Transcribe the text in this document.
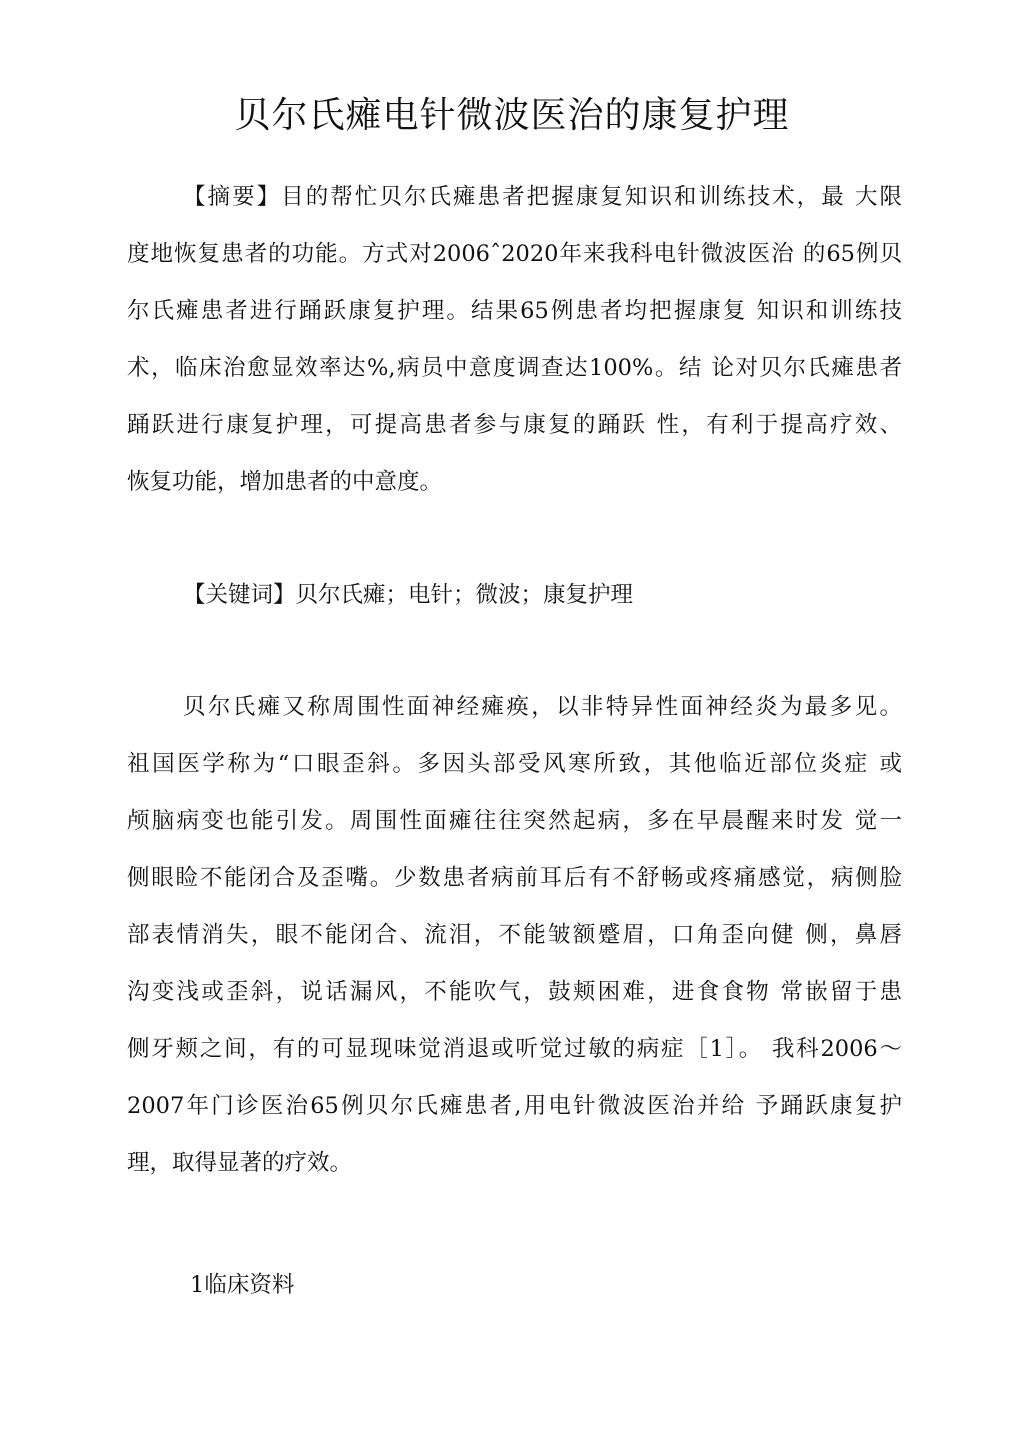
贝尔氏瘫电针微波医治的康复护理
【摘要】目的帮忙贝尔氏瘫患者把握康复知识和训练技术，最 大限
度地恢复患者的功能。方式对2006ˆ2020年来我科电针微波医治 的65例贝
尔氏瘫患者进行踊跃康复护理。结果65例患者均把握康复 知识和训练技
术，临床治愈显效率达%,病员中意度调查达100%。结 论对贝尔氏瘫患者
踊跃进行康复护理，可提高患者参与康复的踊跃 性，有利于提高疗效、
恢复功能，增加患者的中意度。
【关键词】贝尔氏瘫；电针；微波；康复护理
贝尔氏瘫又称周围性面神经瘫痪，以非特异性面神经炎为最多见。
祖国医学称为“口眼歪斜。多因头部受风寒所致，其他临近部位炎症 或
颅脑病变也能引发。周围性面瘫往往突然起病，多在早晨醒来时发 觉一
侧眼睑不能闭合及歪嘴。少数患者病前耳后有不舒畅或疼痛感觉，病侧脸
部表情消失，眼不能闭合、流泪，不能皱额蹙眉，口角歪向健 侧，鼻唇
沟变浅或歪斜，说话漏风，不能吹气，鼓颊困难，进食食物 常嵌留于患
侧牙颊之间，有的可显现味觉消退或听觉过敏的病症［1］。 我科2006～
2007年门诊医治65例贝尔氏瘫患者,用电针微波医治并给 予踊跃康复护
理，取得显著的疗效。
1临床资料
